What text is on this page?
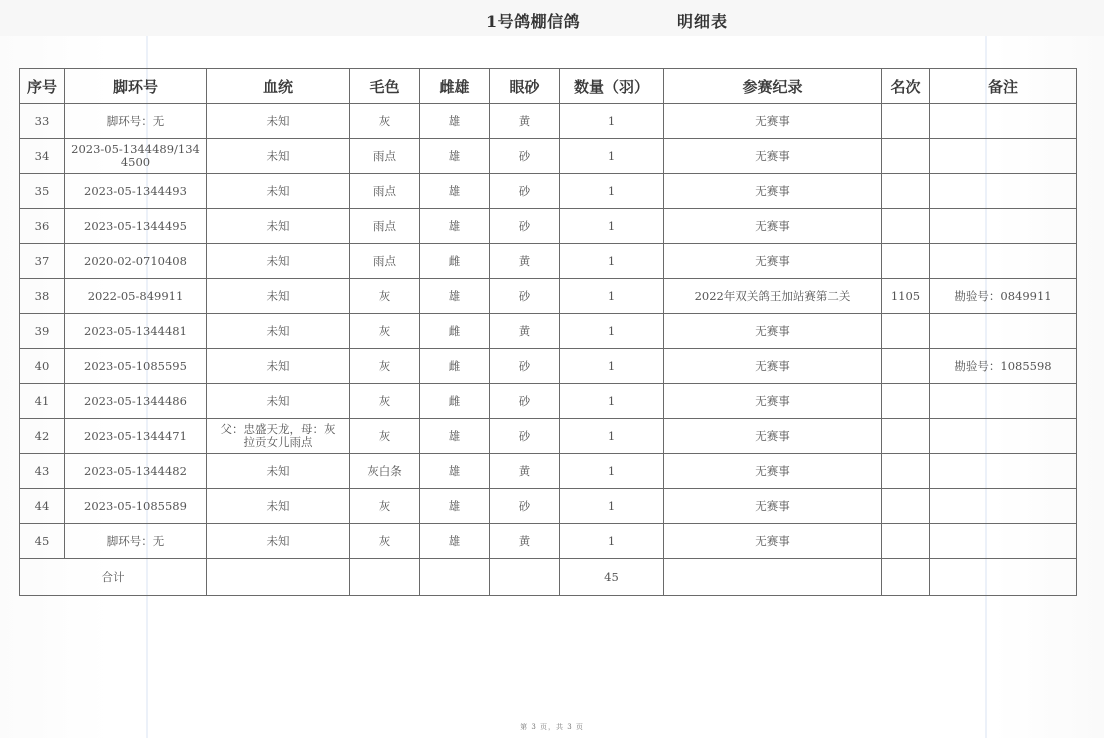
1号鸽棚信鸽	明细表
序号	脚环号	血统	毛色	雌雄	眼砂	数量（羽）	参赛纪录	名次	备注
33	脚环号：无	未知	灰	雄	黄	1	无赛事		
34	2023-05-1344489/1344500	未知	雨点	雄	砂	1	无赛事		
35	2023-05-1344493	未知	雨点	雄	砂	1	无赛事		
36	2023-05-1344495	未知	雨点	雄	砂	1	无赛事		
37	2020-02-0710408	未知	雨点	雌	黄	1	无赛事		
38	2022-05-849911	未知	灰	雄	砂	1	2022年双关鸽王加站赛第二关	1105	勘验号：0849911
39	2023-05-1344481	未知	灰	雌	黄	1	无赛事		
40	2023-05-1085595	未知	灰	雌	砂	1	无赛事		勘验号：1085598
41	2023-05-1344486	未知	灰	雌	砂	1	无赛事		
42	2023-05-1344471	父：忠盛天龙，母：灰拉贡女儿雨点	灰	雄	砂	1	无赛事		
43	2023-05-1344482	未知	灰白条	雄	黄	1	无赛事		
44	2023-05-1085589	未知	灰	雄	砂	1	无赛事		
45	脚环号：无	未知	灰	雄	黄	1	无赛事		
合计						45			
第 3 页，共 3 页
